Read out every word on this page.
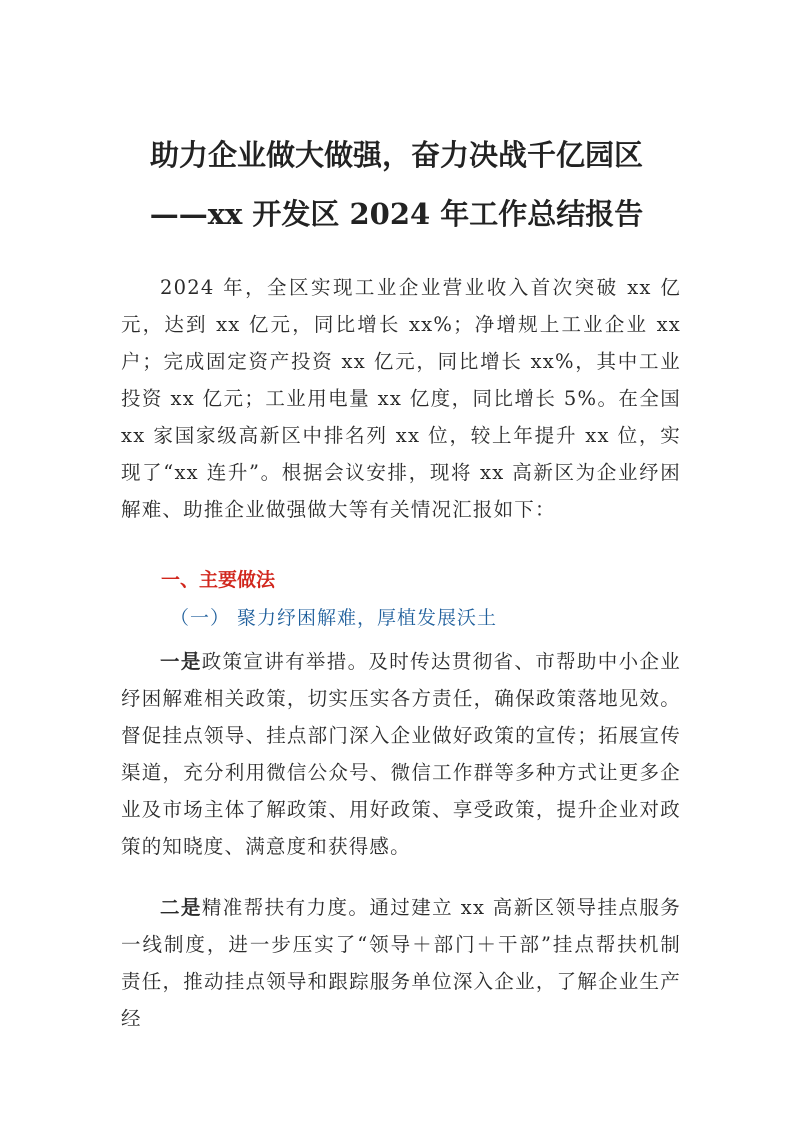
助力企业做大做强，奋力决战千亿园区
——xx 开发区 2024 年工作总结报告

2024 年，全区实现工业企业营业收入首次突破 xx 亿元，达到 xx 亿元，同比增长 xx%；净增规上工业企业 xx 户；完成固定资产投资 xx 亿元，同比增长 xx%，其中工业投资 xx 亿元；工业用电量 xx 亿度，同比增长 5%。在全国 xx 家国家级高新区中排名列 xx 位，较上年提升 xx 位，实现了“xx 连升”。根据会议安排，现将 xx 高新区为企业纾困解难、助推企业做强做大等有关情况汇报如下：

一、主要做法
（一） 聚力纾困解难，厚植发展沃土

一是政策宣讲有举措。及时传达贯彻省、市帮助中小企业纾困解难相关政策，切实压实各方责任，确保政策落地见效。督促挂点领导、挂点部门深入企业做好政策的宣传；拓展宣传渠道，充分利用微信公众号、微信工作群等多种方式让更多企业及市场主体了解政策、用好政策、享受政策，提升企业对政策的知晓度、满意度和获得感。

二是精准帮扶有力度。通过建立 xx 高新区领导挂点服务一线制度，进一步压实了“领导＋部门＋干部”挂点帮扶机制责任，推动挂点领导和跟踪服务单位深入企业，了解企业生产经
